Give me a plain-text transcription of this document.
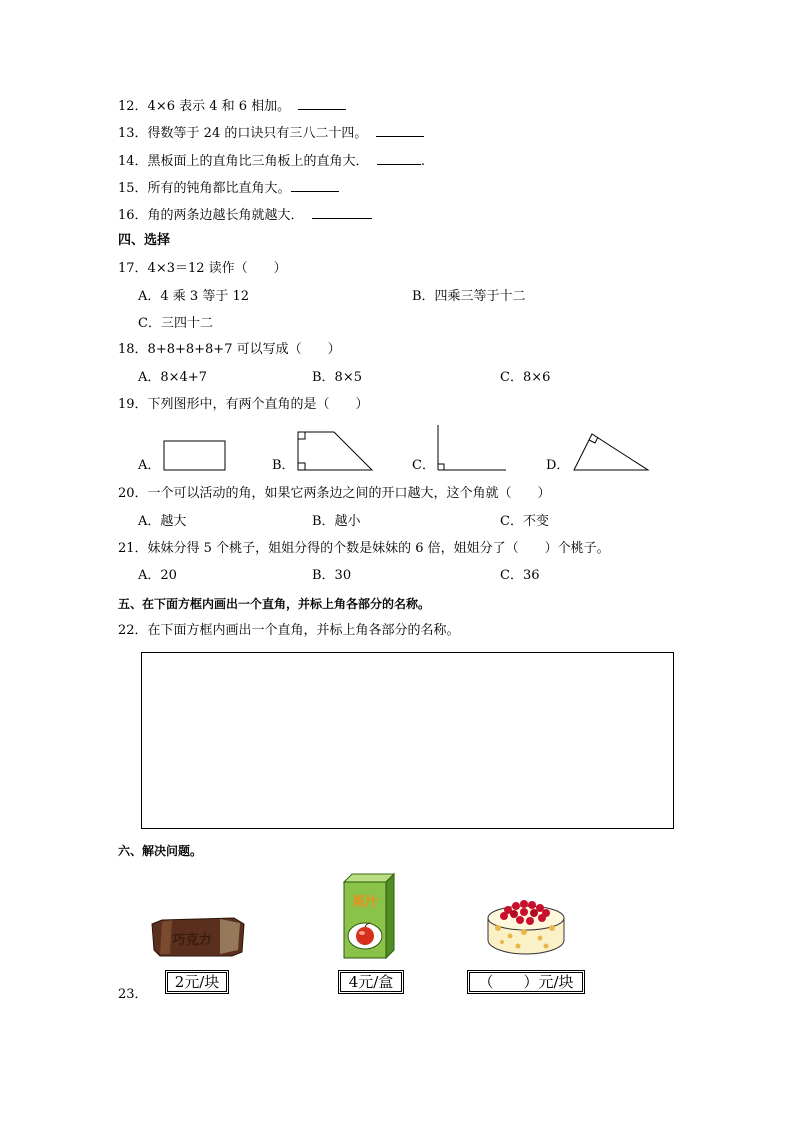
12．4×6 表示 4 和 6 相加。
13．得数等于 24 的口诀只有三八二十四。
14．黑板面上的直角比三角板上的直角大．	.
15．所有的钝角都比直角大。
16．角的两条边越长角就越大．
四、选择
17．4×3＝12 读作（　　）
A．4 乘 3 等于 12	B．四乘三等于十二
C．三四十二
18．8+8+8+8+7 可以写成（　　）
A．8×4+7	B．8×5	C．8×6
19．下列图形中，有两个直角的是（　　）
A．	B．	C．	D．
20．一个可以活动的角，如果它两条边之间的开口越大，这个角就（　　）
A．越大	B．越小	C．不变
21．妹妹分得 5 个桃子，姐姐分得的个数是妹妹的 6 倍，姐姐分了（　　）个桃子。
A．20	B．30	C．36
五、在下面方框内画出一个直角，并标上角各部分的名称。
22．在下面方框内画出一个直角，并标上角各部分的名称。
六、解决问题。
巧克力
2元/块
果汁
4元/盒	（　　）元/块
23．
